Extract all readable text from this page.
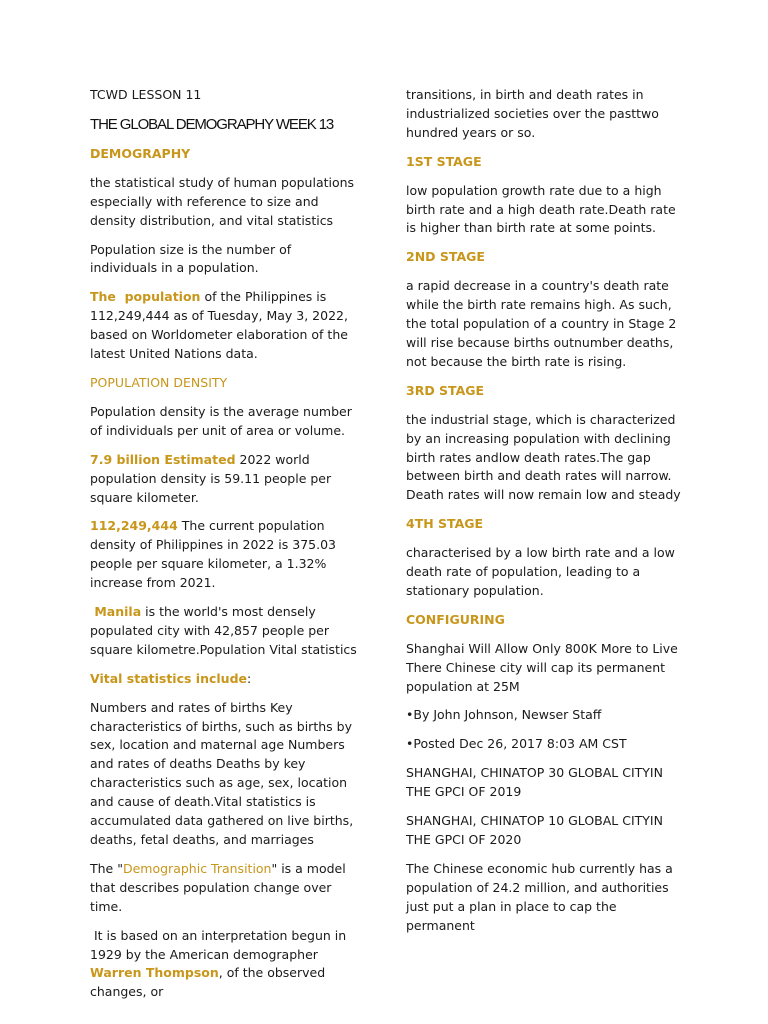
TCWD LESSON 11

THE GLOBAL DEMOGRAPHY WEEK 13

DEMOGRAPHY

the statistical study of human populations especially with reference to size and density distribution, and vital statistics

Population size is the number of individuals in a population.

The  population of the Philippines is 112,249,444 as of Tuesday, May 3, 2022, based on Worldometer elaboration of the latest United Nations data.

POPULATION DENSITY

Population density is the average number of individuals per unit of area or volume.

7.9 billion Estimated 2022 world population density is 59.11 people per square kilometer.

112,249,444 The current population density of Philippines in 2022 is 375.03 people per square kilometer, a 1.32% increase from 2021.

Manila is the world's most densely populated city with 42,857 people per square kilometre.Population Vital statistics

Vital statistics include:

Numbers and rates of births Key characteristics of births, such as births by sex, location and maternal age Numbers and rates of deaths Deaths by key characteristics such as age, sex, location and cause of death.Vital statistics is accumulated data gathered on live births, deaths, fetal deaths, and marriages

The "Demographic Transition" is a model that describes population change over time.

It is based on an interpretation begun in 1929 by the American demographer Warren Thompson, of the observed changes, or

transitions, in birth and death rates in industrialized societies over the pasttwo hundred years or so.

1ST STAGE

low population growth rate due to a high birth rate and a high death rate.Death rate is higher than birth rate at some points.

2ND STAGE

a rapid decrease in a country's death rate while the birth rate remains high. As such, the total population of a country in Stage 2 will rise because births outnumber deaths, not because the birth rate is rising.

3RD STAGE

the industrial stage, which is characterized by an increasing population with declining birth rates andlow death rates.The gap between birth and death rates will narrow. Death rates will now remain low and steady

4TH STAGE

characterised by a low birth rate and a low death rate of population, leading to a stationary population.

CONFIGURING

Shanghai Will Allow Only 800K More to Live There Chinese city will cap its permanent population at 25M

•By John Johnson, Newser Staff

•Posted Dec 26, 2017 8:03 AM CST

SHANGHAI, CHINATOP 30 GLOBAL CITYIN THE GPCI OF 2019

SHANGHAI, CHINATOP 10 GLOBAL CITYIN THE GPCI OF 2020

The Chinese economic hub currently has a population of 24.2 million, and authorities just put a plan in place to cap the permanent
